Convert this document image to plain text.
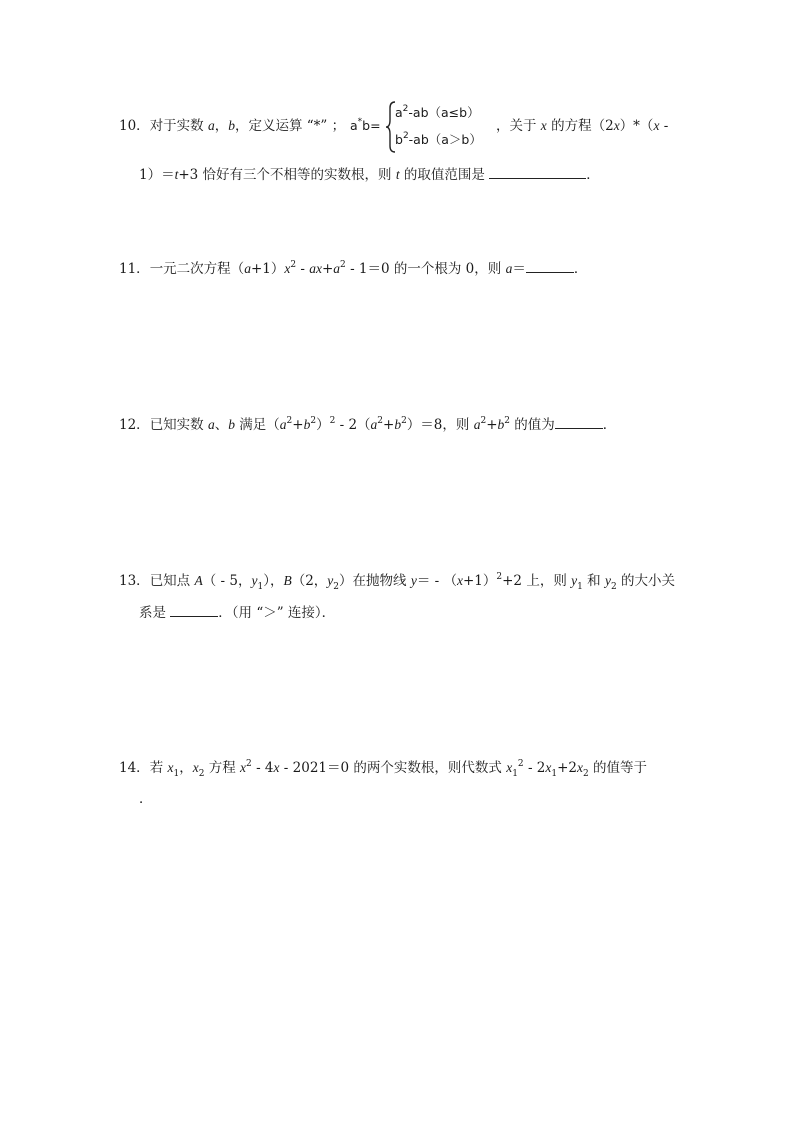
10．对于实数 a，b，定义运算 “*” ； a*b=
$a^2-ab(a\le b)$
$b^2-ab(a>b)$
，关于 x 的方程（2x）*（x -
1）＝t+3 恰好有三个不相等的实数根，则 t 的取值范围是	．
11．一元二次方程$(a+1)x^2 - ax+a^2 - 1=0$ 的一个根为 0，则 a＝	．
12．已知实数 a、b 满足$(a^2+b^2)^2 - 2(a^2+b^2)=8$，则 $a^2+b^2$ 的值为	．
13．已知点 A（ - 5，$y_1$），B（2，$y_2$）在抛物线 $y= - (x+1)^2+2$ 上，则 $y_1$ 和 $y_2$ 的大小关
系是	．（用 “＞” 连接）．
14．若 $x_1$，$x_2$ 方程 $x^2 - 4x - 2021=0$ 的两个实数根，则代数式 $x_1^2 - 2x_1+2x_2$ 的值等于
．
